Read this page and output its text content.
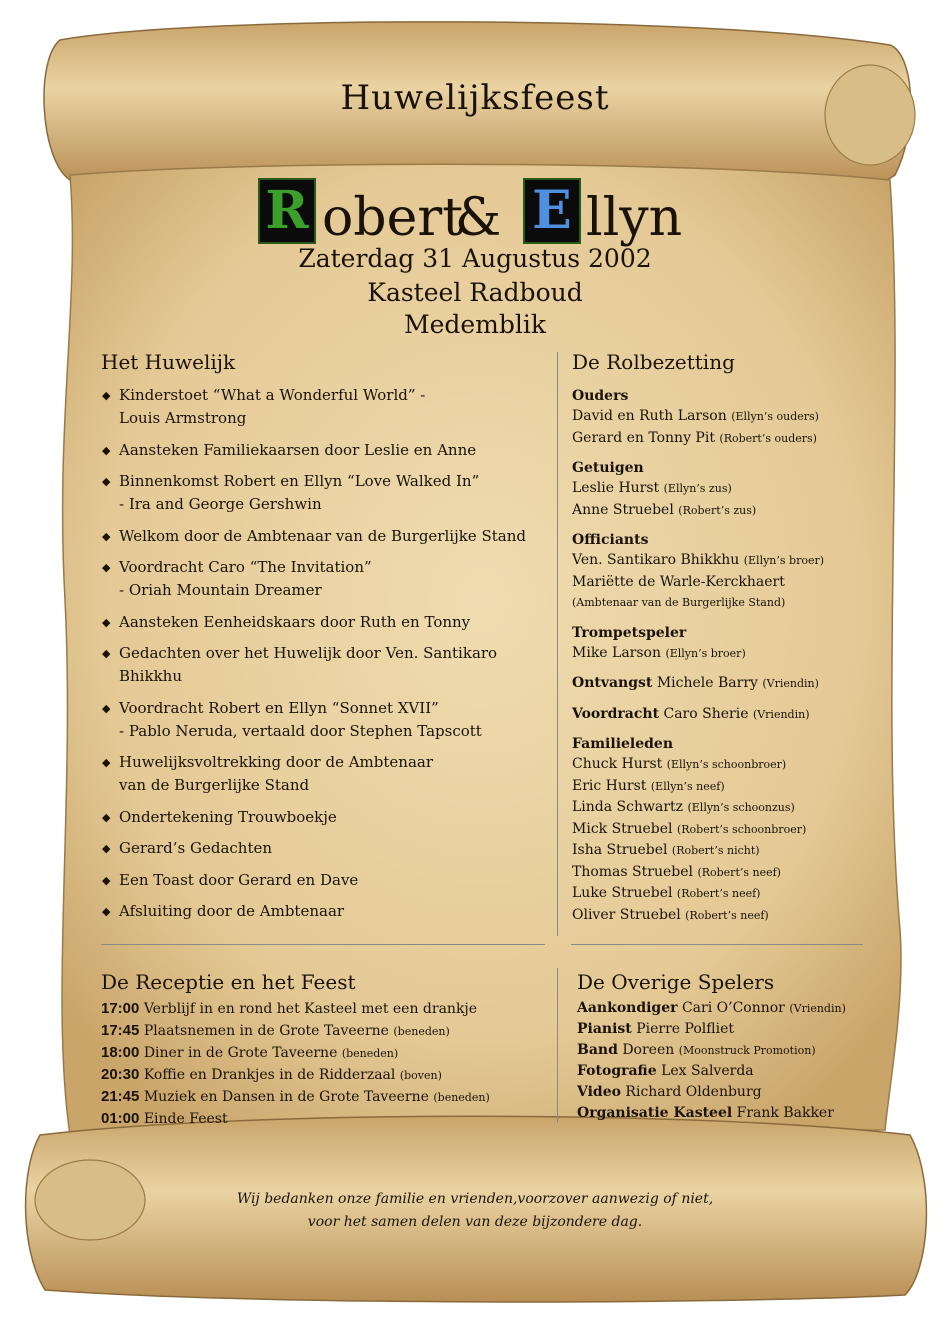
Huwelijksfeest
R obert
& E llyn
Zaterdag 31 Augustus 2002
Kasteel Radboud
Medemblik
Het Huwelijk
◆ Kinderstoet “What a Wonderful World” -
Louis Armstrong
◆ Aansteken Familiekaarsen door Leslie en Anne
◆ Binnenkomst Robert en Ellyn “Love Walked In”
- Ira and George Gershwin
◆ Welkom door de Ambtenaar van de Burgerlijke Stand
◆ Voordracht Caro “The Invitation”
- Oriah Mountain Dreamer
◆ Aansteken Eenheidskaars door Ruth en Tonny
◆ Gedachten over het Huwelijk door Ven. Santikaro
Bhikkhu
◆ Voordracht Robert en Ellyn “Sonnet XVII”
- Pablo Neruda, vertaald door Stephen Tapscott
◆ Huwelijksvoltrekking door de Ambtenaar
van de Burgerlijke Stand
◆ Ondertekening Trouwboekje
◆ Gerard’s Gedachten
◆ Een Toast door Gerard en Dave
◆ Afsluiting door de Ambtenaar
De Rolbezetting
Ouders
David en Ruth Larson (Ellyn’s ouders)
Gerard en Tonny Pit (Robert’s ouders)
Getuigen
Leslie Hurst (Ellyn’s zus)
Anne Struebel (Robert’s zus)
Officiants
Ven. Santikaro Bhikkhu (Ellyn’s broer)
Mariëtte de Warle-Kerckhaert
(Ambtenaar van de Burgerlijke Stand)
Trompetspeler
Mike Larson (Ellyn’s broer)
Ontvangst Michele Barry (Vriendin)
Voordracht Caro Sherie (Vriendin)
Familieleden
Chuck Hurst (Ellyn’s schoonbroer)
Eric Hurst (Ellyn’s neef)
Linda Schwartz (Ellyn’s schoonzus)
Mick Struebel (Robert’s schoonbroer)
Isha Struebel (Robert’s nicht)
Thomas Struebel (Robert’s neef)
Luke Struebel (Robert’s neef)
Oliver Struebel (Robert’s neef)
De Receptie en het Feest
17:00 Verblijf in en rond het Kasteel met een drankje
17:45 Plaatsnemen in de Grote Taveerne (beneden)
18:00 Diner in de Grote Taveerne (beneden)
20:30 Koffie en Drankjes in de Ridderzaal (boven)
21:45 Muziek en Dansen in de Grote Taveerne (beneden)
01:00 Einde Feest
De Overige Spelers
Aankondiger Cari O’Connor (Vriendin)
Pianist Pierre Polfliet
Band Doreen (Moonstruck Promotion)
Fotografie Lex Salverda
Video Richard Oldenburg
Organisatie Kasteel Frank Bakker
Wij bedanken onze familie en vrienden,voorzover aanwezig of niet,
voor het samen delen van deze bijzondere dag.
